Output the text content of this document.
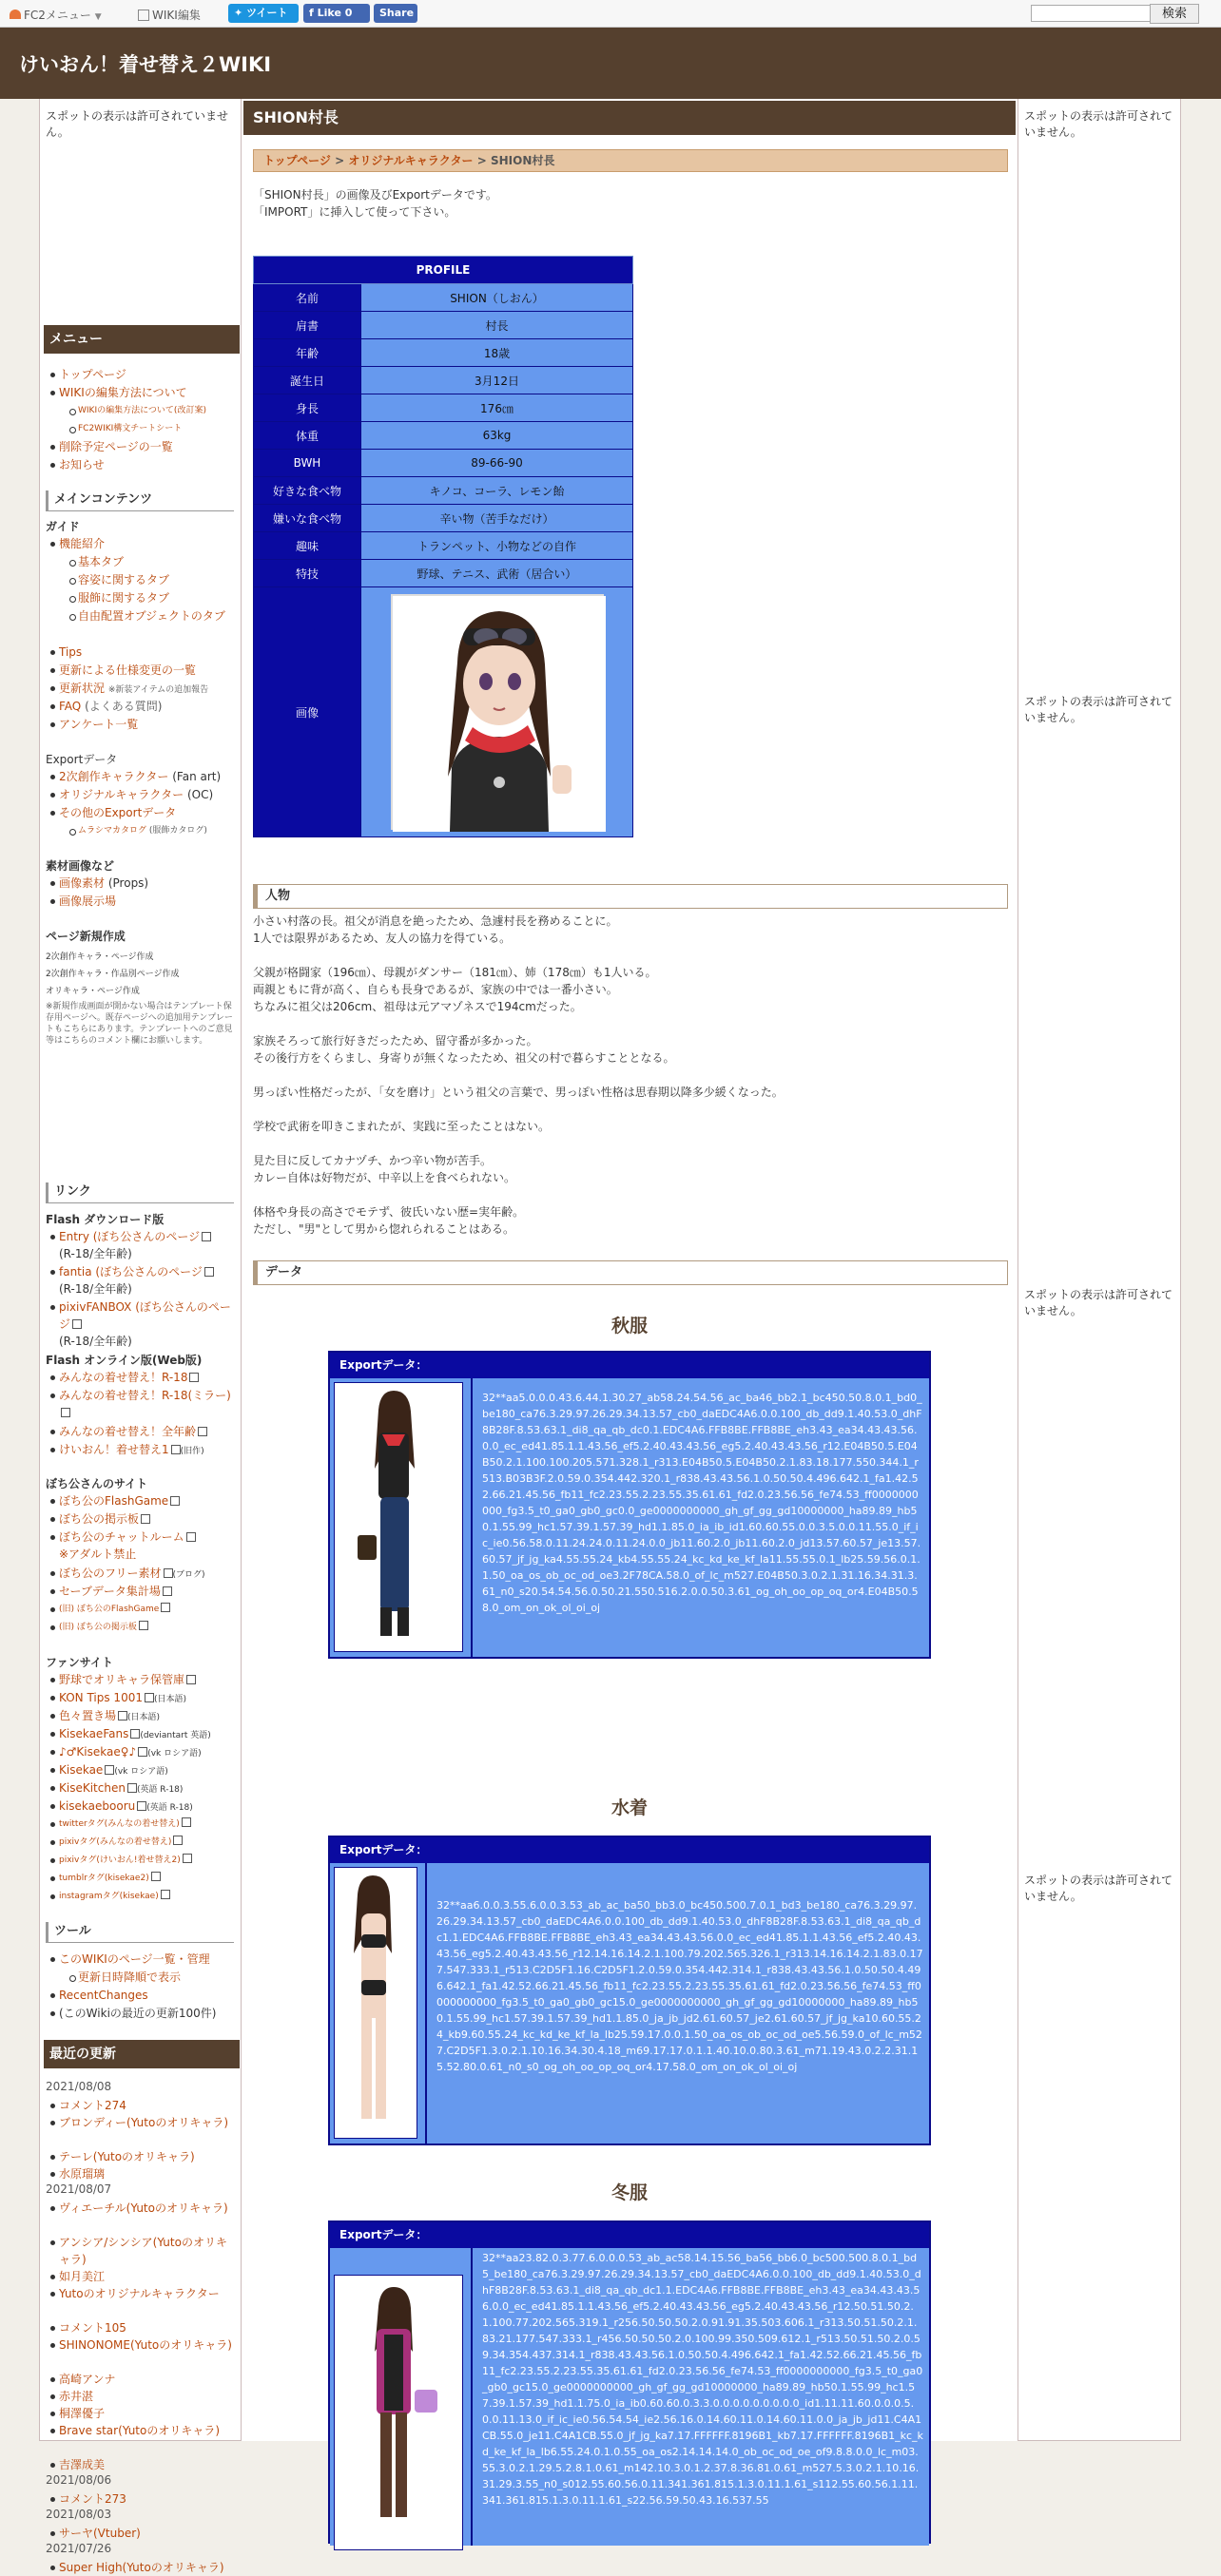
FC2メニュー ▼	WIKI編集	✦ ツイート	f Like 0	Share	検索
けいおん！着せ替え２WIKI
スポットの表示は許可されていません。
メニュー
トップページ
WIKIの編集方法について
WIKIの編集方法について(改訂案)
FC2WIKI構文チートシート
削除予定ページの一覧
お知らせ
メインコンテンツ
ガイド
機能紹介
基本タブ
容姿に関するタブ
服飾に関するタブ
自由配置オブジェクトのタブ
Tips
更新による仕様変更の一覧
更新状況 ※新装アイテムの追加報告
FAQ (よくある質問)
アンケート一覧
Exportデータ
2次創作キャラクター (Fan art)
オリジナルキャラクター (OC)
その他のExportデータ
ムラシマカタログ (服飾カタログ)
素材画像など
画像素材 (Props)
画像展示場
ページ新規作成
2次創作キャラ・ページ作成
2次創作キャラ・作品別ページ作成
オリキャラ・ページ作成
※新規作成画面が開かない場合はテンプレート保存用ページへ。既存ページへの追加用テンプレートもこちらにあります。テンプレートへのご意見等はこちらのコメント欄にお願いします。
リンク
Flash ダウンロード版
Entry (ぼち公さんのページ
(R-18/全年齢)
fantia (ぼち公さんのページ
(R-18/全年齢)
pixivFANBOX (ぼち公さんのページ
(R-18/全年齢)
Flash オンライン版(Web版)
みんなの着せ替え！R-18
みんなの着せ替え！R-18(ミラー)
みんなの着せ替え！全年齢
けいおん！着せ替え1 (旧作)
ぼち公さんのサイト
ぼち公のFlashGame
ぼち公の掲示板
ぼち公のチャットルーム
※アダルト禁止
ぼち公のフリー素材 (ブログ)
セーブデータ集計場
(旧) ぼち公のFlashGame
(旧) ぼち公の掲示板
ファンサイト
野球でオリキャラ保管庫
KON Tips 1001 (日本語)
色々置き場 (日本語)
KisekaeFans (deviantart 英語)
♪♂Kisekae♀♪ (vk ロシア語)
Kisekae (vk ロシア語)
KiseKitchen (英語 R-18)
kisekaebooru (英語 R-18)
twitterタグ(みんなの着せ替え)
pixivタグ(みんなの着せ替え)
pixivタグ(けいおん!着せ替え2)
tumblrタグ(kisekae2)
instagramタグ(kisekae)
ツール
このWIKIのページ一覧・管理
更新日時降順で表示
RecentChanges
(このWikiの最近の更新100件)
最近の更新
2021/08/08
コメント274
ブロンディー(Yutoのオリキャラ)
テーレ(Yutoのオリキャラ)
水原瑠璃
2021/08/07
ヴィエーチル(Yutoのオリキャラ)
アンシア/シンシア(Yutoのオリキャラ)
如月美江
Yutoのオリジナルキャラクター
コメント105
SHINONOME(Yutoのオリキャラ)
高崎アンナ
赤井湛
桐澤優子
Brave star(Yutoのオリキャラ)
吉澤成美
2021/08/06
コメント273
2021/08/03
サーヤ(Vtuber)
2021/07/26
Super High(Yutoのオリキャラ)
SHION村長
トップページ > オリジナルキャラクター > SHION村長
「SHION村長」の画像及びExportデータです。
「IMPORT」に挿入して使って下さい。
PROFILE	
名前	SHION（しおん）
肩書	村長
年齢	18歳
誕生日	3月12日
身長	176㎝
体重	63kg
BWH	89-66-90
好きな食べ物	キノコ、コーラ、レモン飴
嫌いな食べ物	辛い物（苦手なだけ）
趣味	トランペット、小物などの自作
特技	野球、テニス、武術（居合い）
画像	
人物
小さい村落の長。祖父が消息を絶ったため、急遽村長を務めることに。
1人では限界があるため、友人の協力を得ている。
父親が格闘家（196㎝）、母親がダンサー（181㎝）、姉（178㎝）も1人いる。
両親ともに背が高く、自らも長身であるが、家族の中では一番小さい。
ちなみに祖父は206cm、祖母は元アマゾネスで194cmだった。
家族そろって旅行好きだったため、留守番が多かった。
その後行方をくらまし、身寄りが無くなったため、祖父の村で暮らすこととなる。
男っぽい性格だったが、「女を磨け」という祖父の言葉で、男っぽい性格は思春期以降多少緩くなった。
学校で武術を叩きこまれたが、実践に至ったことはない。
見た目に反してカナヅチ、かつ辛い物が苦手。
カレー自体は好物だが、中辛以上を食べられない。
体格や身長の高さでモテず、彼氏いない歴=実年齢。
ただし、"男"として男から惚れられることはある。
データ
秋服
Exportデータ：
32**aa5.0.0.0.43.6.44.1.30.27_ab58.24.54.56_ac_ba46_bb2.1_bc450.50.8.0.1_bd0_be180_ca76.3.29.97.26.29.34.13.57_cb0_daEDC4A6.0.0.100_db_dd9.1.40.53.0_dhF8B28F.8.53.63.1_di8_qa_qb_dc0.1.EDC4A6.FFB8BE.FFB8BE_eh3.43_ea34.43.43.56.0.0_ec_ed41.85.1.1.43.56_ef5.2.40.43.43.56_eg5.2.40.43.43.56_r12.E04B50.5.E04B50.2.1.100.100.205.571.328.1_r313.E04B50.5.E04B50.2.1.83.18.177.550.344.1_r513.B03B3F.2.0.59.0.354.442.320.1_r838.43.43.56.1.0.50.50.4.496.642.1_fa1.42.52.66.21.45.56_fb11_fc2.23.55.2.23.55.35.61.61_fd2.0.23.56.56_fe74.53_ff0000000000_fg3.5_t0_ga0_gb0_gc0.0_ge0000000000_gh_gf_gg_gd10000000_ha89.89_hb50.1.55.99_hc1.57.39.1.57.39_hd1.1.85.0_ia_ib_id1.60.60.55.0.0.3.5.0.0.11.55.0_if_ic_ie0.56.58.0.11.24.24.0.11.24.0.0_jb11.60.2.0_jb11.60.2.0_jd13.57.60.57_je13.57.60.57_jf_jg_ka4.55.55.24_kb4.55.55.24_kc_kd_ke_kf_la11.55.55.0.1_lb25.59.56.0.1.1.50_oa_os_ob_oc_od_oe3.2F78CA.58.0_of_lc_m527.E04B50.3.0.2.1.31.16.34.31.3.61_n0_s20.54.54.56.0.50.21.550.516.2.0.0.50.3.61_og_oh_oo_op_oq_or4.E04B50.58.0_om_on_ok_ol_oi_oj
水着
Exportデータ：
32**aa6.0.0.3.55.6.0.0.3.53_ab_ac_ba50_bb3.0_bc450.500.7.0.1_bd3_be180_ca76.3.29.97.26.29.34.13.57_cb0_daEDC4A6.0.0.100_db_dd9.1.40.53.0_dhF8B28F.8.53.63.1_di8_qa_qb_dc1.1.EDC4A6.FFB8BE.FFB8BE_eh3.43_ea34.43.43.56.0.0_ec_ed41.85.1.1.43.56_ef5.2.40.43.43.56_eg5.2.40.43.43.56_r12.14.16.14.2.1.100.79.202.565.326.1_r313.14.16.14.2.1.83.0.177.547.333.1_r513.C2D5F1.16.C2D5F1.2.0.59.0.354.442.314.1_r838.43.43.56.1.0.50.50.4.496.642.1_fa1.42.52.66.21.45.56_fb11_fc2.23.55.2.23.55.35.61.61_fd2.0.23.56.56_fe74.53_ff0000000000_fg3.5_t0_ga0_gb0_gc15.0_ge0000000000_gh_gf_gg_gd10000000_ha89.89_hb50.1.55.99_hc1.57.39.1.57.39_hd1.1.85.0_ja_jb_jd2.61.60.57_je2.61.60.57_jf_jg_ka10.60.55.24_kb9.60.55.24_kc_kd_ke_kf_la_lb25.59.17.0.0.1.50_oa_os_ob_oc_od_oe5.56.59.0_of_lc_m527.C2D5F1.3.0.2.1.10.16.34.30.4.18_m69.17.17.0.1.1.40.10.0.80.3.61_m71.19.43.0.2.2.31.15.52.80.0.61_n0_s0_og_oh_oo_op_oq_or4.17.58.0_om_on_ok_ol_oi_oj
冬服
Exportデータ：
32**aa23.82.0.3.77.6.0.0.0.53_ab_ac58.14.15.56_ba56_bb6.0_bc500.500.8.0.1_bd5_be180_ca76.3.29.97.26.29.34.13.57_cb0_daEDC4A6.0.0.100_db_dd9.1.40.53.0_dhF8B28F.8.53.63.1_di8_qa_qb_dc1.1.EDC4A6.FFB8BE.FFB8BE_eh3.43_ea34.43.43.56.0.0_ec_ed41.85.1.1.43.56_ef5.2.40.43.43.56_eg5.2.40.43.43.56_r12.50.51.50.2.1.100.77.202.565.319.1_r256.50.50.50.2.0.91.91.35.503.606.1_r313.50.51.50.2.1.83.21.177.547.333.1_r456.50.50.50.2.0.100.99.350.509.612.1_r513.50.51.50.2.0.59.34.354.437.314.1_r838.43.43.56.1.0.50.50.4.496.642.1_fa1.42.52.66.21.45.56_fb11_fc2.23.55.2.23.55.35.61.61_fd2.0.23.56.56_fe74.53_ff0000000000_fg3.5_t0_ga0_gb0_gc15.0_ge0000000000_gh_gf_gg_gd10000000_ha89.89_hb50.1.55.99_hc1.57.39.1.57.39_hd1.1.75.0_ia_ib0.60.60.0.3.3.0.0.0.0.0.0.0.0.0_id1.11.11.60.0.0.0.5.0.0.11.13.0_if_ic_ie0.56.54.54_ie2.56.16.0.14.60.11.0.14.60.11.0.0_ja_jb_jd11.C4A1CB.55.0_je11.C4A1CB.55.0_jf_jg_ka7.17.FFFFFF.8196B1_kb7.17.FFFFFF.8196B1_kc_kd_ke_kf_la_lb6.55.24.0.1.0.55_oa_os2.14.14.14.0_ob_oc_od_oe_of9.8.8.0.0_lc_m03.55.3.0.2.1.29.5.2.8.1.0.61_m142.10.3.0.1.2.37.8.36.81.0.61_m527.5.3.0.2.1.10.16.31.29.3.55_n0_s012.55.60.56.0.11.341.361.815.1.3.0.11.1.61_s112.55.60.56.1.11.341.361.815.1.3.0.11.1.61_s22.56.59.50.43.16.537.55
スポットの表示は許可されていません。
スポットの表示は許可されていません。
スポットの表示は許可されていません。
スポットの表示は許可されていません。
